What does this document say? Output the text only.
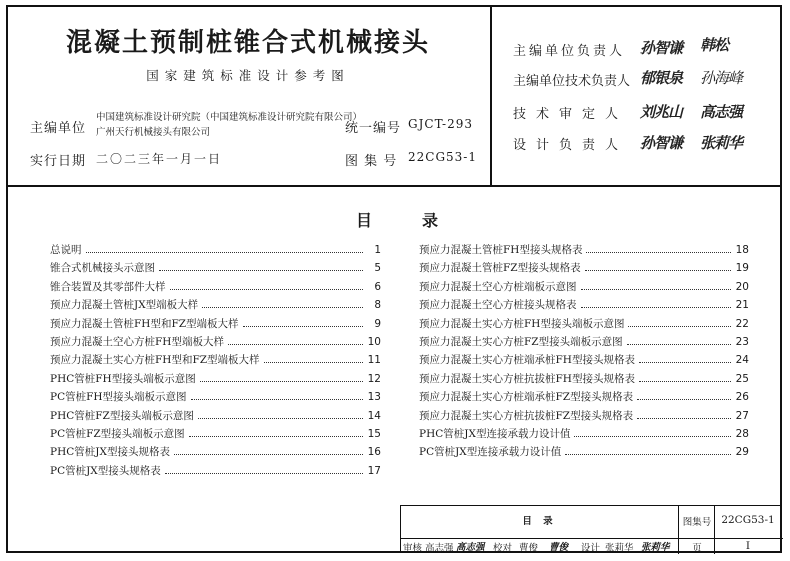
混凝土预制桩锥合式机械接头
国家建筑标准设计参考图
主编单位
中国建筑标准设计研究院（中国建筑标准设计研究院有限公司）
广州天行机械接头有限公司	统一编号 GJCT-293
实行日期 二〇二三年一月一日	图 集 号 22CG53-1
主编单位负责人 孙智谦 韩松
主编单位技术负责人 郁银泉 孙海峰
技术审定人 刘兆山 高志强
设计负责人 孙智谦 张莉华
目	录
总说明	1
锥合式机械接头示意图	5
锥合装置及其零部件大样	6
预应力混凝土管桩JX型端板大样	8
预应力混凝土管桩FH型和FZ型端板大样	9
预应力混凝土空心方桩FH型端板大样	10
预应力混凝土实心方桩FH型和FZ型端板大样	11
PHC管桩FH型接头端板示意图	12
PC管桩FH型接头端板示意图	13
PHC管桩FZ型接头端板示意图	14
PC管桩FZ型接头端板示意图	15
PHC管桩JX型接头规格表	16
PC管桩JX型接头规格表	17
预应力混凝土管桩FH型接头规格表	18
预应力混凝土管桩FZ型接头规格表	19
预应力混凝土空心方桩端板示意图	20
预应力混凝土空心方桩接头规格表	21
预应力混凝土实心方桩FH型接头端板示意图	22
预应力混凝土实心方桩FZ型接头端板示意图	23
预应力混凝土实心方桩端承桩FH型接头规格表	24
预应力混凝土实心方桩抗拔桩FH型接头规格表	25
预应力混凝土实心方桩端承桩FZ型接头规格表	26
预应力混凝土实心方桩抗拔桩FZ型接头规格表	27
PHC管桩JX型连接承载力设计值	28
PC管桩JX型连接承载力设计值	29
目 录	图集号 22CG53-1
页	I
审核 高志强 高志强 校对 曹俊 曹俊 设计 张莉华 张莉华
